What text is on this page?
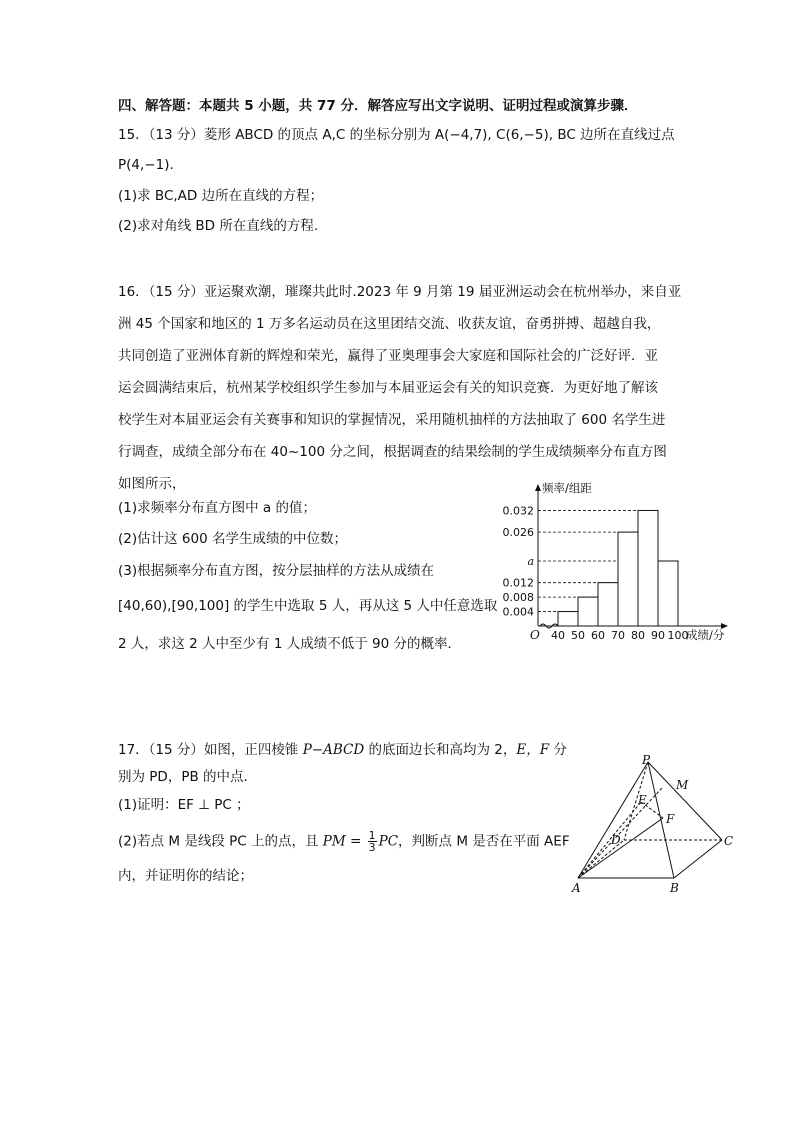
四、解答题：本题共 5 小题，共 77 分．解答应写出文字说明、证明过程或演算步骤．
15．（13 分）菱形 ABCD 的顶点 A,C 的坐标分别为 A(−4,7), C(6,−5), BC 边所在直线过点
P(4,−1).
(1)求 BC,AD 边所在直线的方程；
(2)求对角线 BD 所在直线的方程.
16．（15 分）亚运聚欢潮，璀璨共此时.2023 年 9 月第 19 届亚洲运动会在杭州举办，来自亚
洲 45 个国家和地区的 1 万多名运动员在这里团结交流、收获友谊，奋勇拼搏、超越自我，
共同创造了亚洲体育新的辉煌和荣光，赢得了亚奥理事会大家庭和国际社会的广泛好评．亚
运会圆满结束后，杭州某学校组织学生参加与本届亚运会有关的知识竞赛．为更好地了解该
校学生对本届亚运会有关赛事和知识的掌握情况，采用随机抽样的方法抽取了 600 名学生进
行调查，成绩全部分布在 40~100 分之间，根据调查的结果绘制的学生成绩频率分布直方图
如图所示，
(1)求频率分布直方图中 a 的值；
(2)估计这 600 名学生成绩的中位数；
(3)根据频率分布直方图，按分层抽样的方法从成绩在
[40,60),[90,100] 的学生中选取 5 人，再从这 5 人中任意选取
2 人，求这 2 人中至少有 1 人成绩不低于 90 分的概率．
0.004
0.008
0.012
a
0.026
0.032
40 50 60 70 80 90 100
O
频率/组距
成绩/分
17．（15 分）如图，正四棱锥 P−ABCD 的底面边长和高均为 2，E，F 分
别为 PD，PB 的中点．
(1)证明：EF ⊥ PC ；
(2)若点 M 是线段 PC 上的点，且 PM = $\frac{1}{3}$ PC，判断点 M 是否在平面 AEF
内，并证明你的结论；
P
M
E
F
D	C
A	B
